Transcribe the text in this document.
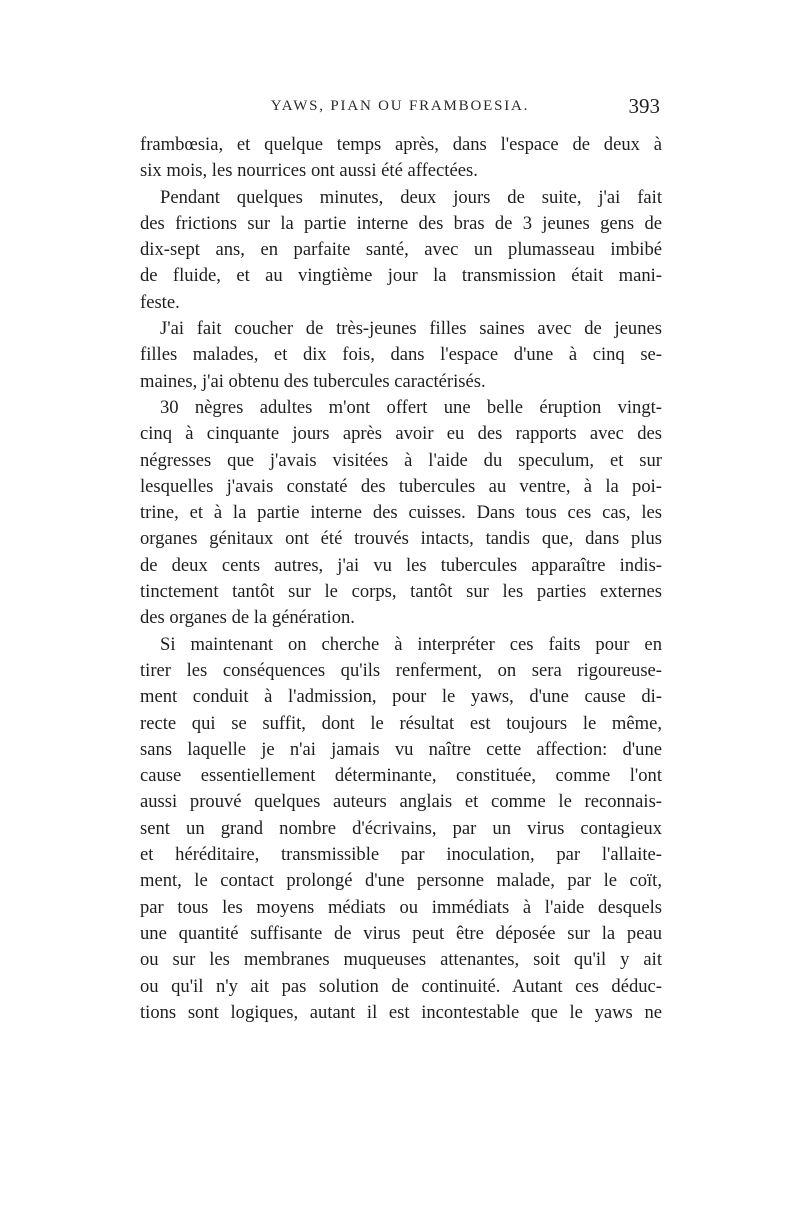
YAWS, PIAN OU FRAMBOESIA.	393
frambœsia, et quelque temps après, dans l'espace de deux à
six mois, les nourrices ont aussi été affectées.
Pendant quelques minutes, deux jours de suite, j'ai fait
des frictions sur la partie interne des bras de 3 jeunes gens de
dix-sept ans, en parfaite santé, avec un plumasseau imbibé
de fluide, et au vingtième jour la transmission était mani-
feste.
J'ai fait coucher de très-jeunes filles saines avec de jeunes
filles malades, et dix fois, dans l'espace d'une à cinq se-
maines, j'ai obtenu des tubercules caractérisés.
30 nègres adultes m'ont offert une belle éruption vingt-
cinq à cinquante jours après avoir eu des rapports avec des
négresses que j'avais visitées à l'aide du speculum, et sur
lesquelles j'avais constaté des tubercules au ventre, à la poi-
trine, et à la partie interne des cuisses. Dans tous ces cas, les
organes génitaux ont été trouvés intacts, tandis que, dans plus
de deux cents autres, j'ai vu les tubercules apparaître indis-
tinctement tantôt sur le corps, tantôt sur les parties externes
des organes de la génération.
Si maintenant on cherche à interpréter ces faits pour en
tirer les conséquences qu'ils renferment, on sera rigoureuse-
ment conduit à l'admission, pour le yaws, d'une cause di-
recte qui se suffit, dont le résultat est toujours le même,
sans laquelle je n'ai jamais vu naître cette affection: d'une
cause essentiellement déterminante, constituée, comme l'ont
aussi prouvé quelques auteurs anglais et comme le reconnais-
sent un grand nombre d'écrivains, par un virus contagieux
et héréditaire, transmissible par inoculation, par l'allaite-
ment, le contact prolongé d'une personne malade, par le coït,
par tous les moyens médiats ou immédiats à l'aide desquels
une quantité suffisante de virus peut être déposée sur la peau
ou sur les membranes muqueuses attenantes, soit qu'il y ait
ou qu'il n'y ait pas solution de continuité. Autant ces déduc-
tions sont logiques, autant il est incontestable que le yaws ne
